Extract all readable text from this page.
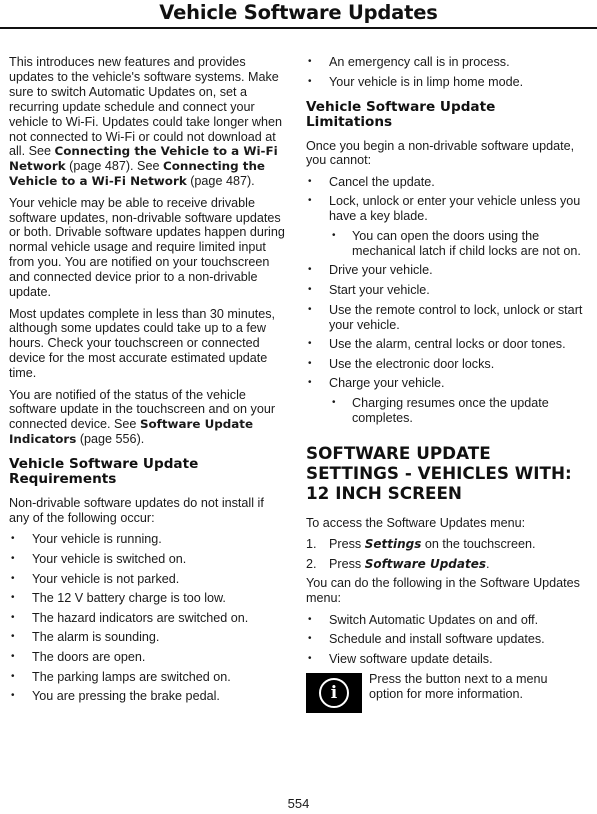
Vehicle Software Updates

This introduces new features and provides updates to the vehicle's software systems. Make sure to switch Automatic Updates on, set a recurring update schedule and connect your vehicle to Wi-Fi. Updates could take longer when not connected to Wi-Fi or could not download at all. See Connecting the Vehicle to a Wi-Fi Network (page 487). See Connecting the Vehicle to a Wi-Fi Network (page 487).

Your vehicle may be able to receive drivable software updates, non-drivable software updates or both. Drivable software updates happen during normal vehicle usage and require limited input from you. You are notified on your touchscreen and connected device prior to a non-drivable update.

Most updates complete in less than 30 minutes, although some updates could take up to a few hours. Check your touchscreen or connected device for the most accurate estimated update time.

You are notified of the status of the vehicle software update in the touchscreen and on your connected device. See Software Update Indicators (page 556).

Vehicle Software Update Requirements

Non-drivable software updates do not install if any of the following occur:

• Your vehicle is running.
• Your vehicle is switched on.
• Your vehicle is not parked.
• The 12 V battery charge is too low.
• The hazard indicators are switched on.
• The alarm is sounding.
• The doors are open.
• The parking lamps are switched on.
• You are pressing the brake pedal.
• An emergency call is in process.
• Your vehicle is in limp home mode.
Vehicle Software Update Limitations

Once you begin a non-drivable software update, you cannot:

• Cancel the update.
• Lock, unlock or enter your vehicle unless you have a key blade.
• You can open the doors using the mechanical latch if child locks are not on.
• Drive your vehicle.
• Start your vehicle.
• Use the remote control to lock, unlock or start your vehicle.
• Use the alarm, central locks or door tones.
• Use the electronic door locks.
• Charge your vehicle.
• Charging resumes once the update completes.
SOFTWARE UPDATE SETTINGS - VEHICLES WITH: 12 INCH SCREEN

To access the Software Updates menu:

1. Press Settings on the touchscreen.
2. Press Software Updates.

You can do the following in the Software Updates menu:

• Switch Automatic Updates on and off.
• Schedule and install software updates.
• View software update details.
i
Press the button next to a menu option for more information.
554
